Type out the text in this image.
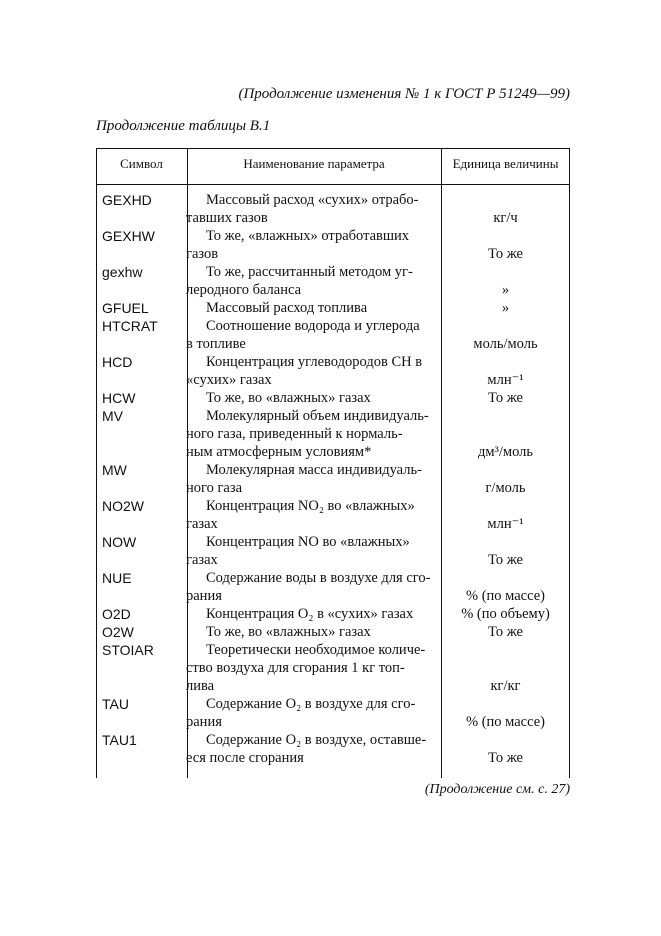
(Продолжение изменения № 1 к ГОСТ Р 51249—99)
Продолжение таблицы В.1
Символ	Наименование параметра	Единица величины
GEXHD	Массовый расход «сухих» отрабо-
тавших газов	кг/ч
GEXHW	То же, «влажных» отработавших
газов	То же
gexhw	То же, рассчитанный методом уг-
леродного баланса	»
GFUEL	Массовый расход топлива	»
HTCRAT	Соотношение водорода и углерода
в топливе	моль/моль
HCD	Концентрация углеводородов СН в
«сухих» газах	млн⁻¹
HCW	То же, во «влажных» газах	То же
MV	Молекулярный объем индивидуаль-
ного газа, приведенный к нормаль-
ным атмосферным условиям*	дм³/моль
MW	Молекулярная масса индивидуаль-
ного газа	г/моль
NO2W	Концентрация NO₂ во «влажных»
газах	млн⁻¹
NOW	Концентрация NO во «влажных»
газах	То же
NUE	Содержание воды в воздухе для сго-
рания	% (по массе)
O2D	Концентрация O₂ в «сухих» газах	% (по объему)
O2W	То же, во «влажных» газах	То же
STOIAR	Теоретически необходимое количе-
ство воздуха для сгорания 1 кг топ-
лива	кг/кг
TAU	Содержание O₂ в воздухе для сго-
рания	% (по массе)
TAU1	Содержание O₂ в воздухе, оставше-
еся после сгорания	То же
(Продолжение см. с. 27)
